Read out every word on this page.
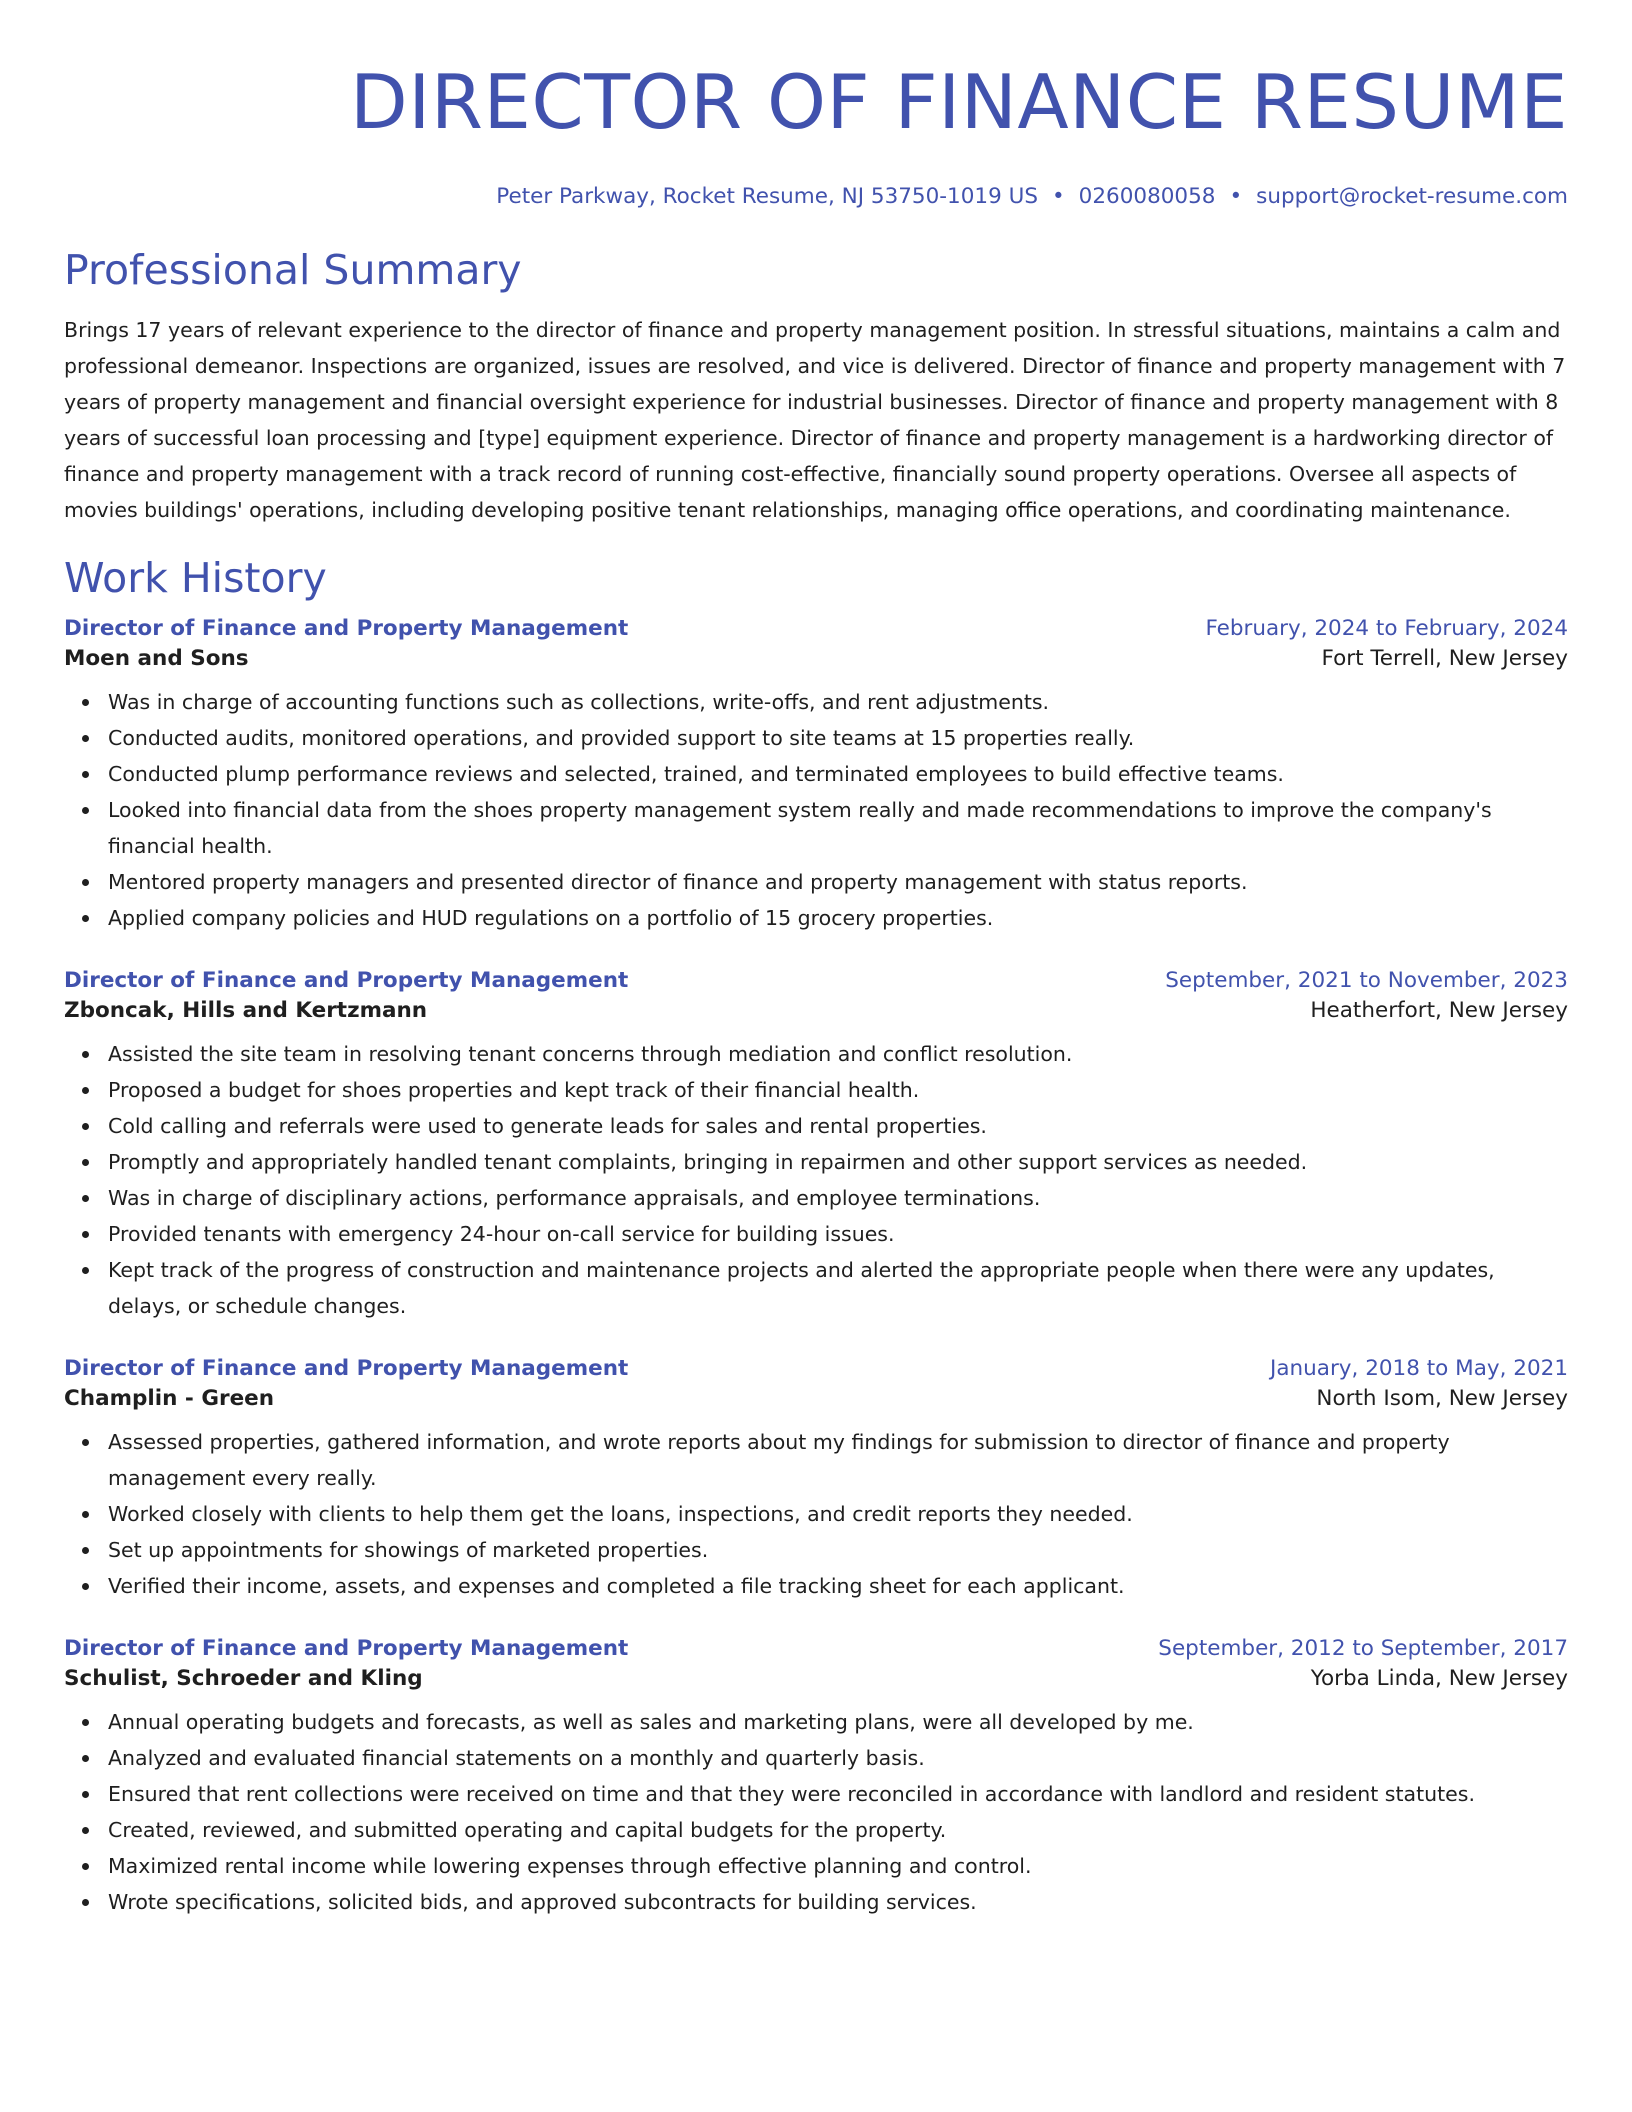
DIRECTOR OF FINANCE RESUME
Peter Parkway, Rocket Resume, NJ 53750-1019 US • 0260080058 • support@rocket-resume.com
Professional Summary
Brings 17 years of relevant experience to the director of finance and property management position. In stressful situations, maintains a calm and professional demeanor. Inspections are organized, issues are resolved, and vice is delivered. Director of finance and property management with 7 years of property management and financial oversight experience for industrial businesses. Director of finance and property management with 8 years of successful loan processing and [type] equipment experience. Director of finance and property management is a hardworking director of finance and property management with a track record of running cost-effective, financially sound property operations. Oversee all aspects of movies buildings' operations, including developing positive tenant relationships, managing office operations, and coordinating maintenance.
Work History
Director of Finance and Property Management	February, 2024 to February, 2024
Moen and Sons	Fort Terrell, New Jersey
Was in charge of accounting functions such as collections, write-offs, and rent adjustments.
Conducted audits, monitored operations, and provided support to site teams at 15 properties really.
Conducted plump performance reviews and selected, trained, and terminated employees to build effective teams.
Looked into financial data from the shoes property management system really and made recommendations to improve the company's financial health.
Mentored property managers and presented director of finance and property management with status reports.
Applied company policies and HUD regulations on a portfolio of 15 grocery properties.
Director of Finance and Property Management	September, 2021 to November, 2023
Zboncak, Hills and Kertzmann	Heatherfort, New Jersey
Assisted the site team in resolving tenant concerns through mediation and conflict resolution.
Proposed a budget for shoes properties and kept track of their financial health.
Cold calling and referrals were used to generate leads for sales and rental properties.
Promptly and appropriately handled tenant complaints, bringing in repairmen and other support services as needed.
Was in charge of disciplinary actions, performance appraisals, and employee terminations.
Provided tenants with emergency 24-hour on-call service for building issues.
Kept track of the progress of construction and maintenance projects and alerted the appropriate people when there were any updates, delays, or schedule changes.
Director of Finance and Property Management	January, 2018 to May, 2021
Champlin - Green	North Isom, New Jersey
Assessed properties, gathered information, and wrote reports about my findings for submission to director of finance and property management every really.
Worked closely with clients to help them get the loans, inspections, and credit reports they needed.
Set up appointments for showings of marketed properties.
Verified their income, assets, and expenses and completed a file tracking sheet for each applicant.
Director of Finance and Property Management	September, 2012 to September, 2017
Schulist, Schroeder and Kling	Yorba Linda, New Jersey
Annual operating budgets and forecasts, as well as sales and marketing plans, were all developed by me.
Analyzed and evaluated financial statements on a monthly and quarterly basis.
Ensured that rent collections were received on time and that they were reconciled in accordance with landlord and resident statutes.
Created, reviewed, and submitted operating and capital budgets for the property.
Maximized rental income while lowering expenses through effective planning and control.
Wrote specifications, solicited bids, and approved subcontracts for building services.
